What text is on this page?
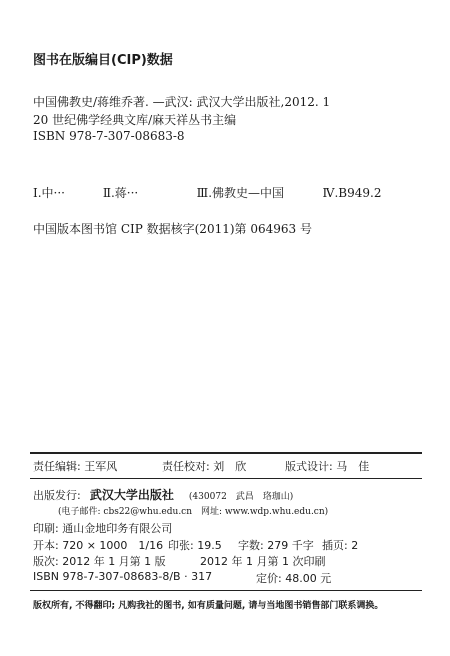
图书在版编目(CIP)数据
中国佛教史/蒋维乔著. —武汉: 武汉大学出版社,2012. 1
20 世纪佛学经典文库/麻天祥丛书主编
ISBN 978-7-307-08683-8
Ⅰ.中···	Ⅱ.蒋···	Ⅲ.佛教史—中国	Ⅳ.B949.2
中国版本图书馆 CIP 数据核字(2011)第 064963 号
责任编辑: 王军风	责任校对: 刘　欣	版式设计: 马　佳
出版发行: 武汉大学出版社 (430072　武昌　珞珈山)
(电子邮件: cbs22@whu.edu.cn　网址: www.wdp.whu.edu.cn)
印刷: 通山金地印务有限公司
开本: 720 × 1000　1/16 印张: 19.5 字数: 279 千字 插页: 2
版次: 2012 年 1 月第 1 版	2012 年 1 月第 1 次印刷
ISBN 978-7-307-08683-8/B · 317	定价: 48.00 元
版权所有, 不得翻印; 凡购我社的图书, 如有质量问题, 请与当地图书销售部门联系调换。
